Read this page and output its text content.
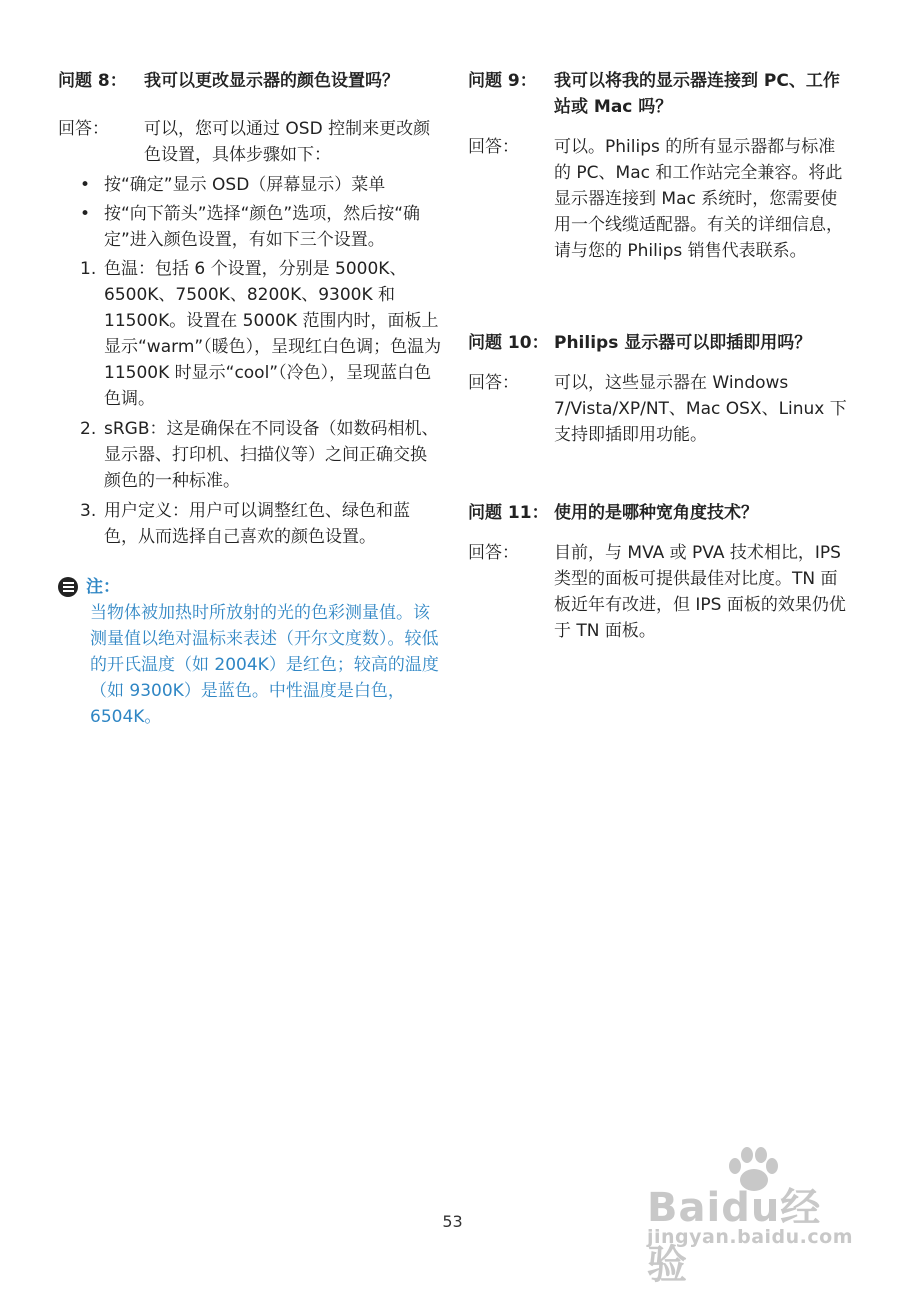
问题 8：	我可以更改显示器的颜色设置吗？
回答：	可以，您可以通过 OSD 控制来更改颜色设置，具体步骤如下：
• 按“确定”显示 OSD（屏幕显示）菜单
• 按“向下箭头”选择“颜色”选项，然后按“确定”进入颜色设置，有如下三个设置。
1. 色温：包括 6 个设置，分别是 5000K、6500K、7500K、8200K、9300K 和 11500K。设置在 5000K 范围内时，面板上显示“warm”（暖色），呈现红白色调；色温为 11500K 时显示“cool”（冷色），呈现蓝白色色调。
2. sRGB：这是确保在不同设备（如数码相机、显示器、打印机、扫描仪等）之间正确交换颜色的一种标准。
3. 用户定义：用户可以调整红色、绿色和蓝色，从而选择自己喜欢的颜色设置。
注：
当物体被加热时所放射的光的色彩测量值。该测量值以绝对温标来表述（开尔文度数）。较低的开氏温度（如 2004K）是红色；较高的温度（如 9300K）是蓝色。中性温度是白色，6504K。
问题 9：	我可以将我的显示器连接到 PC、工作站或 Mac 吗？
回答：	可以。Philips 的所有显示器都与标准的 PC、Mac 和工作站完全兼容。将此显示器连接到 Mac 系统时，您需要使用一个线缆适配器。有关的详细信息，请与您的 Philips 销售代表联系。
问题 10： Philips 显示器可以即插即用吗？
回答：	可以，这些显示器在 Windows 7/Vista/XP/NT、Mac OSX、Linux 下支持即插即用功能。
问题 11： 使用的是哪种宽角度技术？
回答：	目前，与 MVA 或 PVA 技术相比，IPS 类型的面板可提供最佳对比度。TN 面板近年有改进，但 IPS 面板的效果仍优于 TN 面板。
53	Baidu经验
jingyan.baidu.com
